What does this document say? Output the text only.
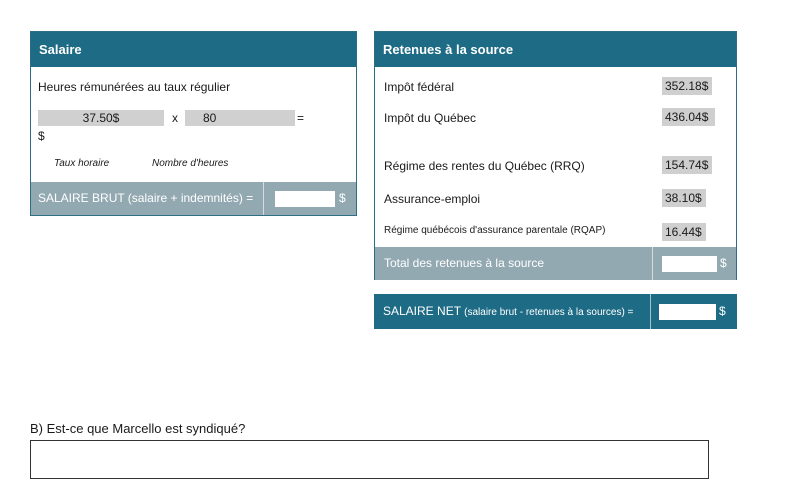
Salaire
Heures rémunérées au taux régulier
37.50$	x	80	=
$
Taux horaire	Nombre d'heures
SALAIRE BRUT (salaire + indemnités) =	$
Retenues à la source
Impôt fédéral	352.18$
Impôt du Québec	436.04$
Régime des rentes du Québec (RRQ)	154.74$
Assurance-emploi	38.10$
Régime québécois d'assurance parentale (RQAP)	16.44$
Total des retenues à la source	$
SALAIRE NET (salaire brut - retenues à la sources) =	$
B) Est-ce que Marcello est syndiqué?
